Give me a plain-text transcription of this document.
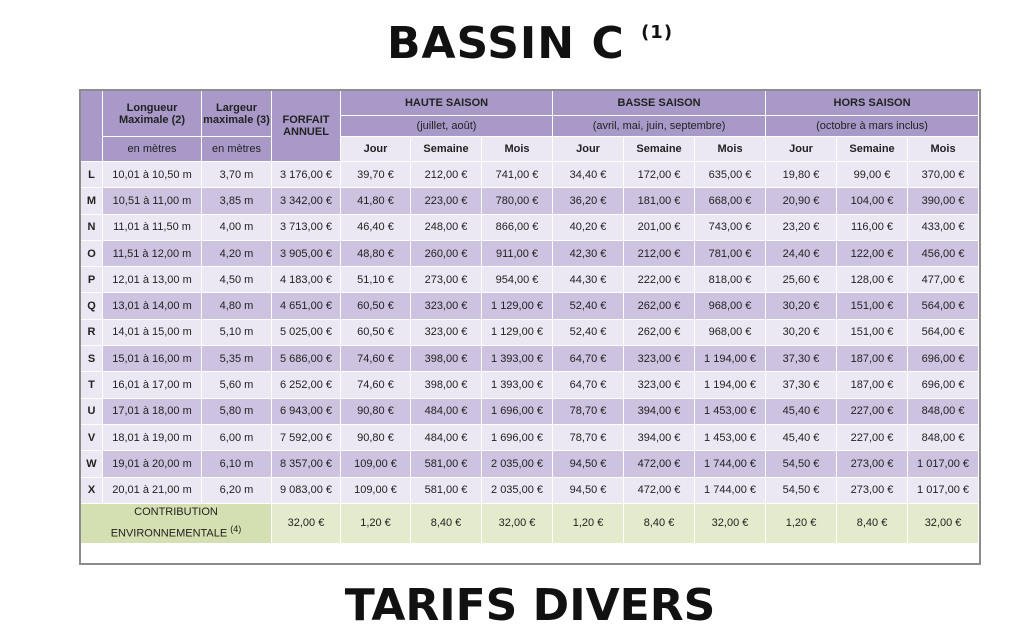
BASSIN C $^{(1)}$
	Longueur Maximale (2)	Largeur maximale (3)	FORFAIT ANNUEL	HAUTE SAISON			BASSE SAISON			HORS SAISON		
				(juillet, août)			(avril, mai, juin, septembre)			(octobre à mars inclus)		
	en mètres	en mètres		Jour	Semaine	Mois	Jour	Semaine	Mois	Jour	Semaine	Mois
L	10,01 à 10,50 m	3,70 m	3 176,00 €	39,70 €	212,00 €	741,00 €	34,40 €	172,00 €	635,00 €	19,80 €	99,00 €	370,00 €
M	10,51 à 11,00 m	3,85 m	3 342,00 €	41,80 €	223,00 €	780,00 €	36,20 €	181,00 €	668,00 €	20,90 €	104,00 €	390,00 €
N	11,01 à 11,50 m	4,00 m	3 713,00 €	46,40 €	248,00 €	866,00 €	40,20 €	201,00 €	743,00 €	23,20 €	116,00 €	433,00 €
O	11,51 à 12,00 m	4,20 m	3 905,00 €	48,80 €	260,00 €	911,00 €	42,30 €	212,00 €	781,00 €	24,40 €	122,00 €	456,00 €
P	12,01 à 13,00 m	4,50 m	4 183,00 €	51,10 €	273,00 €	954,00 €	44,30 €	222,00 €	818,00 €	25,60 €	128,00 €	477,00 €
Q	13,01 à 14,00 m	4,80 m	4 651,00 €	60,50 €	323,00 €	1 129,00 €	52,40 €	262,00 €	968,00 €	30,20 €	151,00 €	564,00 €
R	14,01 à 15,00 m	5,10 m	5 025,00 €	60,50 €	323,00 €	1 129,00 €	52,40 €	262,00 €	968,00 €	30,20 €	151,00 €	564,00 €
S	15,01 à 16,00 m	5,35 m	5 686,00 €	74,60 €	398,00 €	1 393,00 €	64,70 €	323,00 €	1 194,00 €	37,30 €	187,00 €	696,00 €
T	16,01 à 17,00 m	5,60 m	6 252,00 €	74,60 €	398,00 €	1 393,00 €	64,70 €	323,00 €	1 194,00 €	37,30 €	187,00 €	696,00 €
U	17,01 à 18,00 m	5,80 m	6 943,00 €	90,80 €	484,00 €	1 696,00 €	78,70 €	394,00 €	1 453,00 €	45,40 €	227,00 €	848,00 €
V	18,01 à 19,00 m	6,00 m	7 592,00 €	90,80 €	484,00 €	1 696,00 €	78,70 €	394,00 €	1 453,00 €	45,40 €	227,00 €	848,00 €
W	19,01 à 20,00 m	6,10 m	8 357,00 €	109,00 €	581,00 €	2 035,00 €	94,50 €	472,00 €	1 744,00 €	54,50 €	273,00 €	1 017,00 €
X	20,01 à 21,00 m	6,20 m	9 083,00 €	109,00 €	581,00 €	2 035,00 €	94,50 €	472,00 €	1 744,00 €	54,50 €	273,00 €	1 017,00 €
CONTRIBUTION
ENVIRONNEMENTALE $^{(4)}$			32,00 €	1,20 €	8,40 €	32,00 €	1,20 €	8,40 €	32,00 €	1,20 €	8,40 €	32,00 €
TARIFS DIVERS
